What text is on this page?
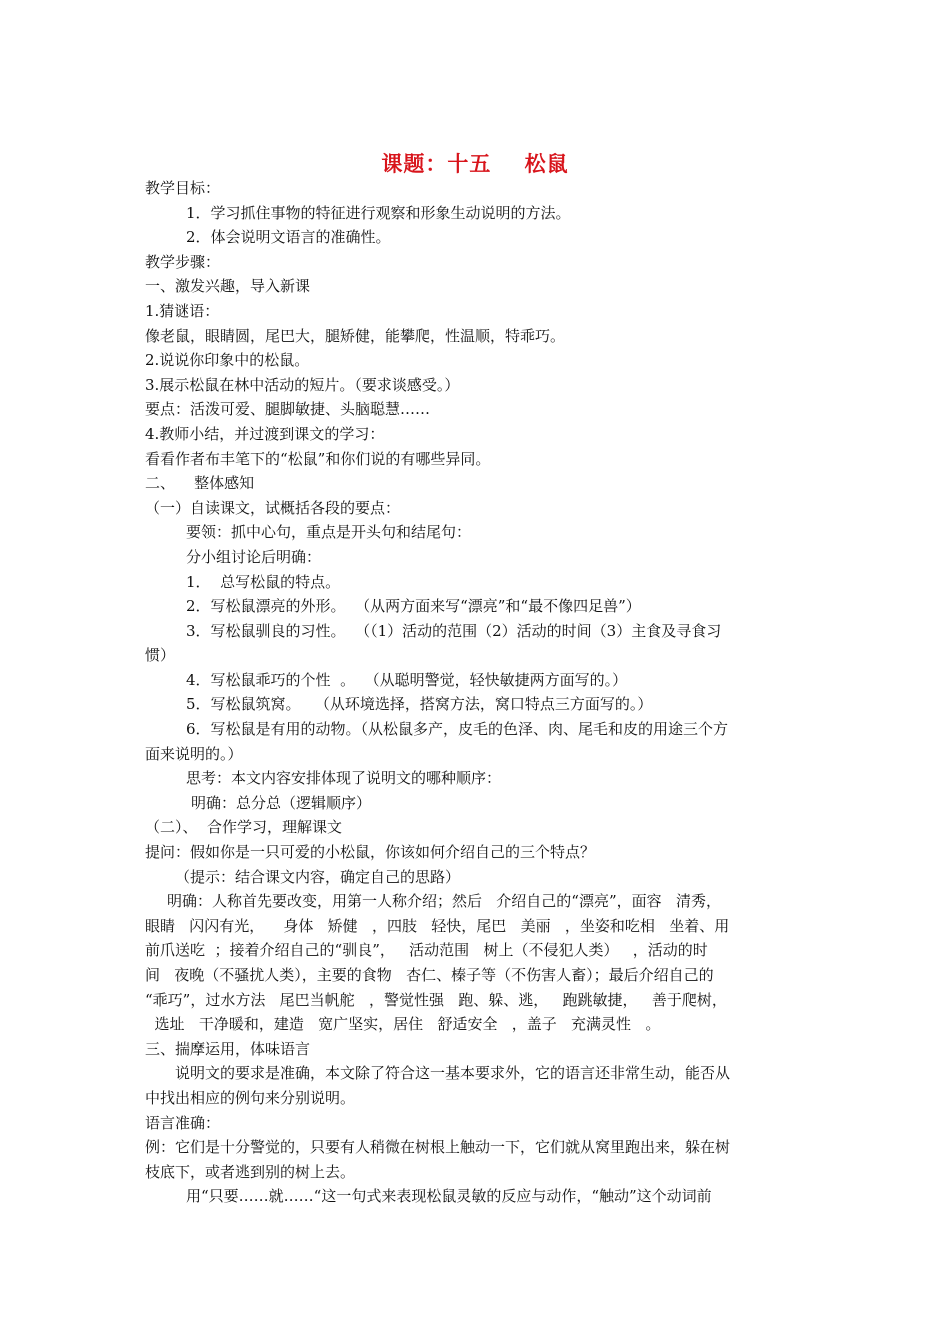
课题：十五    松鼠
教学目标：
1．学习抓住事物的特征进行观察和形象生动说明的方法。
2．体会说明文语言的准确性。
教学步骤：
一、激发兴趣，导入新课
1.猜谜语：
像老鼠，眼睛圆，尾巴大，腿矫健，能攀爬，性温顺，特乖巧。
2.说说你印象中的松鼠。
3.展示松鼠在林中活动的短片。（要求谈感受。）
要点：活泼可爱、腿脚敏捷、头脑聪慧……
4.教师小结，并过渡到课文的学习：
看看作者布丰笔下的“松鼠”和你们说的有哪些异同。
二、    整体感知
（一）自读课文，试概括各段的要点：
要领：抓中心句，重点是开头句和结尾句：
分小组讨论后明确：
1．  总写松鼠的特点。
2．写松鼠漂亮的外形。  （从两方面来写“漂亮”和“最不像四足兽”）
3．写松鼠驯良的习性。  （（1）活动的范围（2）活动的时间（3）主食及寻食习
惯）
4．写松鼠乖巧的个性  。  （从聪明警觉，轻快敏捷两方面写的。）
5．写松鼠筑窝。   （从环境选择，搭窝方法，窝口特点三方面写的。）
6．写松鼠是有用的动物。（从松鼠多产，皮毛的色泽、肉、尾毛和皮的用途三个方
面来说明的。）
思考：本文内容安排体现了说明文的哪种顺序：
明确：总分总（逻辑顺序）
（二）、  合作学习，理解课文
提问：假如你是一只可爱的小松鼠，你该如何介绍自己的三个特点？
（提示：结合课文内容，确定自己的思路）
明确：人称首先要改变，用第一人称介绍；然后   介绍自己的“漂亮”，面容   清秀，
眼睛   闪闪有光，    身体   矫健   ，四肢   轻快，尾巴   美丽   ，坐姿和吃相   坐着、用
前爪送吃  ；接着介绍自己的“驯良”，   活动范围   树上（不侵犯人类）   ，活动的时
间   夜晚（不骚扰人类），主要的食物   杏仁、榛子等（不伤害人畜）；最后介绍自己的
“乖巧”，过水方法   尾巴当帆舵   ，警觉性强   跑、躲、逃，   跑跳敏捷，   善于爬树，
选址   干净暖和，建造   宽广坚实，居住   舒适安全   ，盖子   充满灵性   。
三、揣摩运用，体味语言
说明文的要求是准确，本文除了符合这一基本要求外，它的语言还非常生动，能否从
中找出相应的例句来分别说明。
语言准确：
例：它们是十分警觉的，只要有人稍微在树根上触动一下，它们就从窝里跑出来，躲在树
枝底下，或者逃到别的树上去。
用“只要……就……“这一句式来表现松鼠灵敏的反应与动作，“触动”这个动词前
